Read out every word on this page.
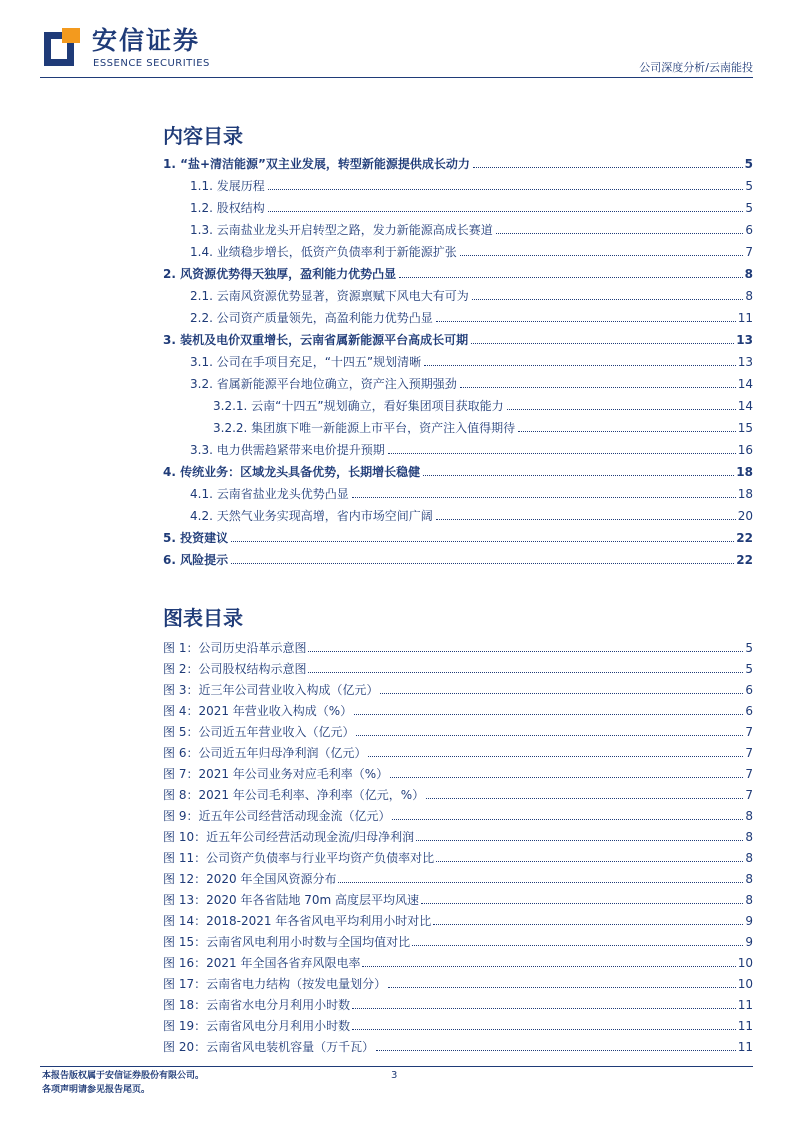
安信证券
ESSENCE SECURITIES	公司深度分析/云南能投
内容目录
1. “盐+清洁能源”双主业发展，转型新能源提供成长动力	5
1.1. 发展历程	5
1.2. 股权结构	5
1.3. 云南盐业龙头开启转型之路，发力新能源高成长赛道	6
1.4. 业绩稳步增长，低资产负债率利于新能源扩张	7
2. 风资源优势得天独厚，盈利能力优势凸显	8
2.1. 云南风资源优势显著，资源禀赋下风电大有可为	8
2.2. 公司资产质量领先，高盈利能力优势凸显	11
3. 装机及电价双重增长，云南省属新能源平台高成长可期	13
3.1. 公司在手项目充足，“十四五”规划清晰	13
3.2. 省属新能源平台地位确立，资产注入预期强劲	14
3.2.1. 云南“十四五”规划确立，看好集团项目获取能力	14
3.2.2. 集团旗下唯一新能源上市平台，资产注入值得期待	15
3.3. 电力供需趋紧带来电价提升预期	16
4. 传统业务：区域龙头具备优势，长期增长稳健	18
4.1. 云南省盐业龙头优势凸显	18
4.2. 天然气业务实现高增，省内市场空间广阔	20
5. 投资建议	22
6. 风险提示	22
图表目录
图 1：公司历史沿革示意图	5
图 2：公司股权结构示意图	5
图 3：近三年公司营业收入构成（亿元）	6
图 4：2021 年营业收入构成（%）	6
图 5：公司近五年营业收入（亿元）	7
图 6：公司近五年归母净利润（亿元）	7
图 7：2021 年公司业务对应毛利率（%）	7
图 8：2021 年公司毛利率、净利率（亿元，%）	7
图 9：近五年公司经营活动现金流（亿元）	8
图 10：近五年公司经营活动现金流/归母净利润	8
图 11：公司资产负债率与行业平均资产负债率对比	8
图 12：2020 年全国风资源分布	8
图 13：2020 年各省陆地 70m 高度层平均风速	8
图 14：2018-2021 年各省风电平均利用小时对比	9
图 15：云南省风电利用小时数与全国均值对比	9
图 16：2021 年全国各省弃风限电率	10
图 17：云南省电力结构（按发电量划分）	10
图 18：云南省水电分月利用小时数	11
图 19：云南省风电分月利用小时数	11
图 20：云南省风电装机容量（万千瓦）	11
本报告版权属于安信证券股份有限公司。
各项声明请参见报告尾页。
3
